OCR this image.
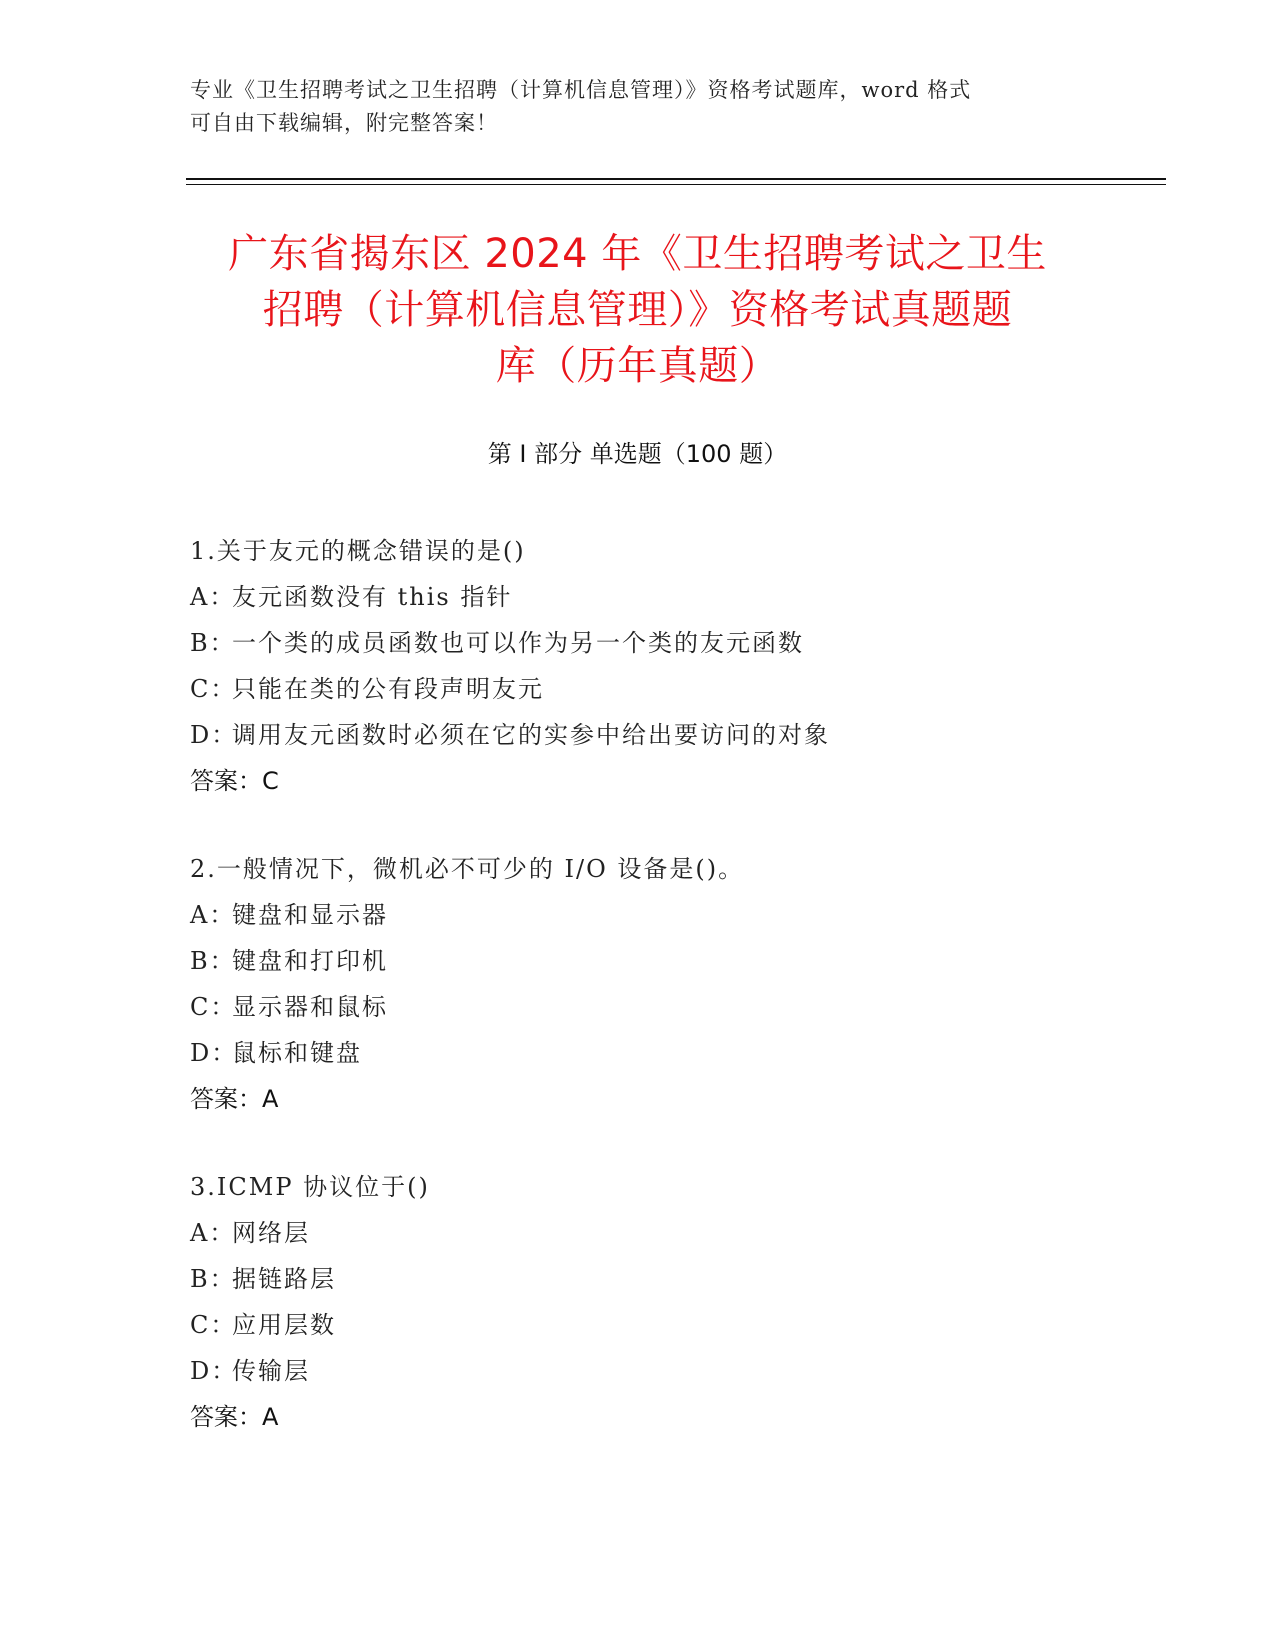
专业《卫生招聘考试之卫生招聘（计算机信息管理）》资格考试题库，word 格式
可自由下载编辑，附完整答案！
广东省揭东区 2024 年《卫生招聘考试之卫生
招聘（计算机信息管理）》资格考试真题题
库（历年真题）
第 I 部分 单选题（100 题）
1.关于友元的概念错误的是()
A：友元函数没有 this 指针
B：一个类的成员函数也可以作为另一个类的友元函数
C：只能在类的公有段声明友元
D：调用友元函数时必须在它的实参中给出要访问的对象
答案：C
2.一般情况下，微机必不可少的 I/O 设备是()。
A：键盘和显示器
B：键盘和打印机
C：显示器和鼠标
D：鼠标和键盘
答案：A
3.ICMP 协议位于()
A：网络层
B：据链路层
C：应用层数
D：传输层
答案：A
